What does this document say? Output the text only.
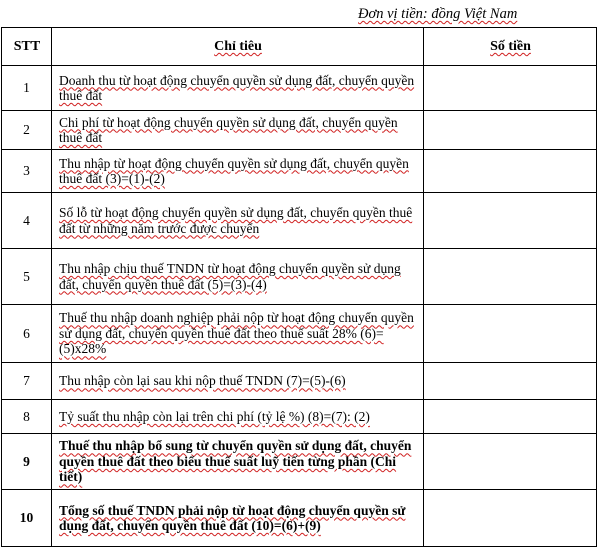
Đơn vị tiền: đồng Việt Nam
STT	Chỉ tiêu	Số tiền
1	Doanh thu từ hoạt động chuyển quyền sử dụng đất, chuyển quyền thuê đất	
2	Chi phí từ hoạt động chuyển quyền sử dụng đất, chuyển quyền thuê đất	
3	Thu nhập từ hoạt động chuyển quyền sử dụng đất, chuyển quyền thuê đất (3)=(1)-(2)	
4	Số lỗ từ hoạt động chuyển quyền sử dụng đất, chuyển quyền thuê đất từ những năm trước được chuyển	
5	Thu nhập chịu thuế TNDN từ hoạt động chuyển quyền sử dụng đất, chuyển quyền thuê đất (5)=(3)-(4)	
6	Thuế thu nhập doanh nghiệp phải nộp từ hoạt động chuyển quyền sử dụng đất, chuyển quyền thuê đất theo thuế suất 28% (6)=(5)x28%	
7	Thu nhập còn lại sau khi nộp thuế TNDN (7)=(5)-(6)	
8	Tỷ suất thu nhập còn lại trên chi phí (tỷ lệ %) (8)=(7): (2)	
9	Thuế thu nhập bổ sung từ chuyển quyền sử dụng đất, chuyển quyền thuê đất theo biểu thuế suất luỹ tiến từng phần (Chi tiết)	
10	Tổng số thuế TNDN phải nộp từ hoạt động chuyển quyền sử dụng đất, chuyển quyền thuê đất (10)=(6)+(9)	
